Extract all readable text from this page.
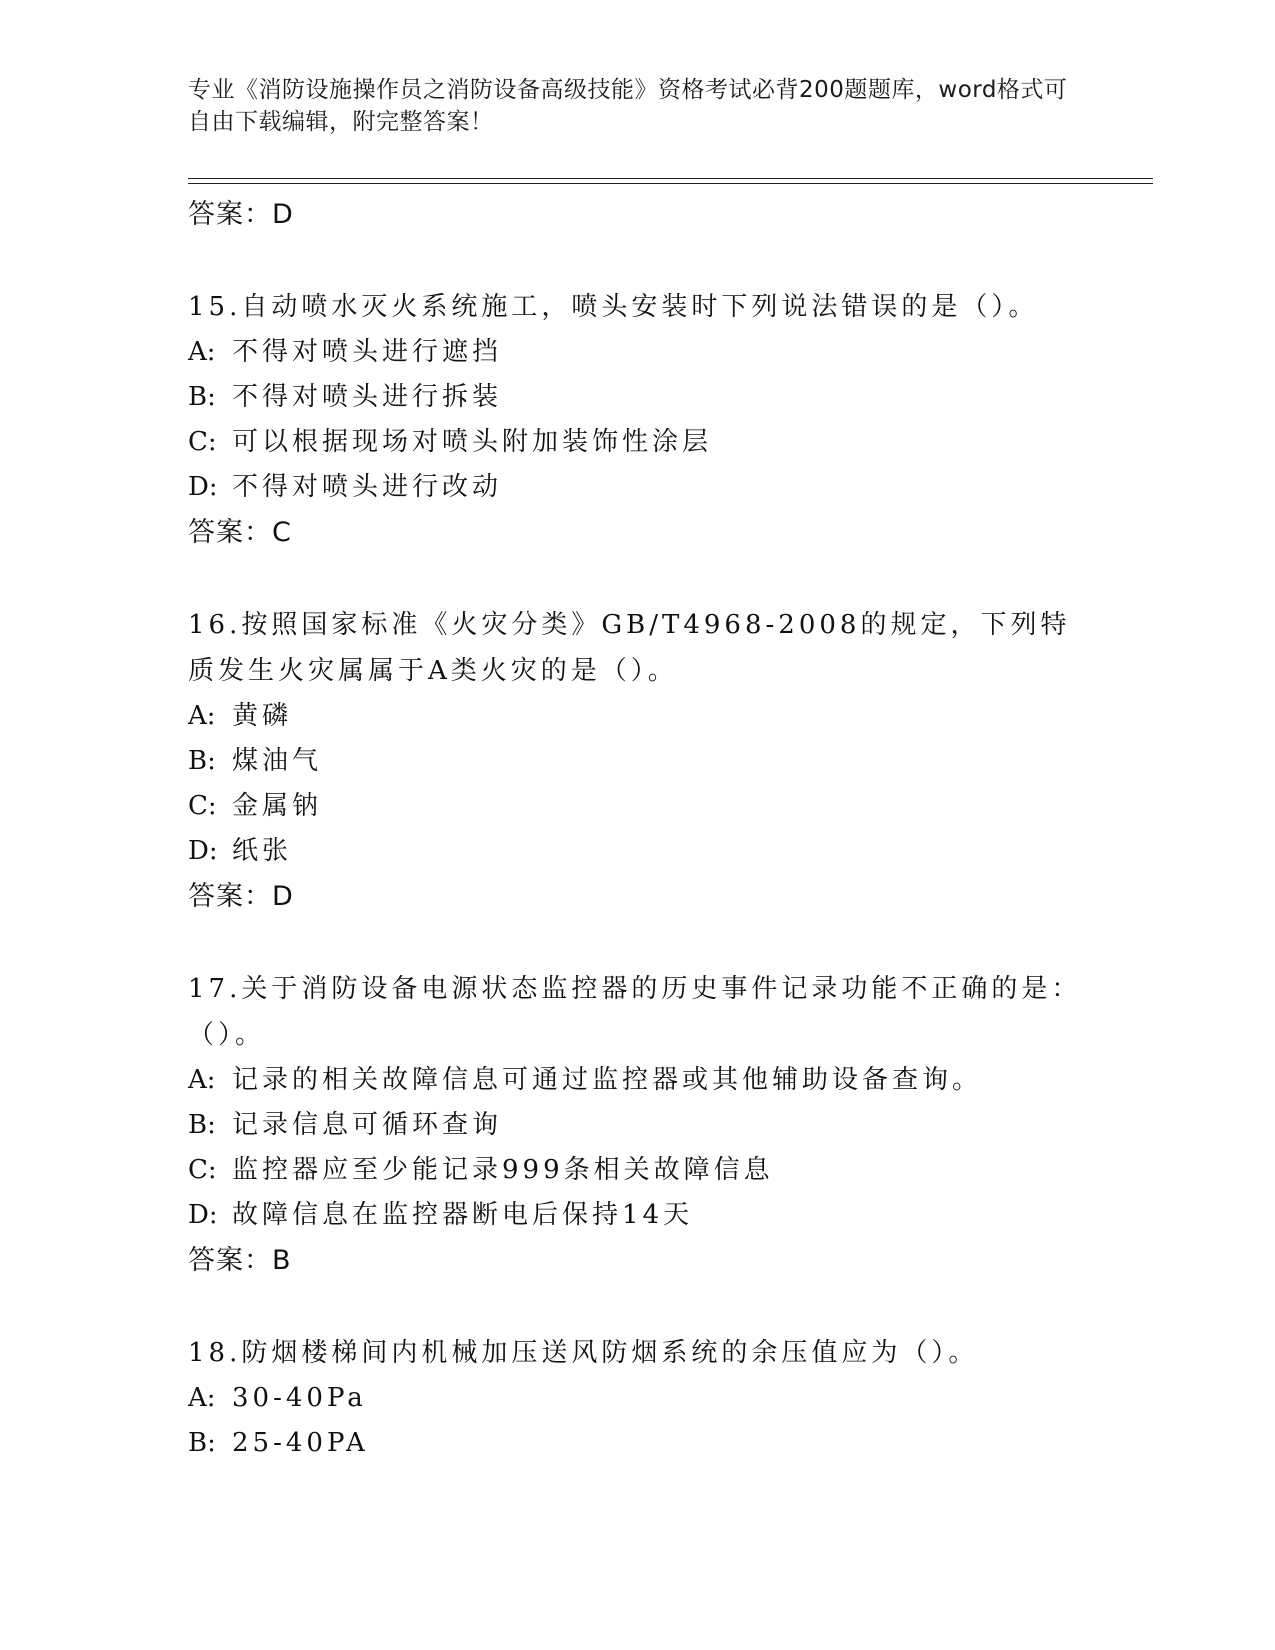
专业《消防设施操作员之消防设备高级技能》资格考试必背200题题库，word格式可自由下载编辑，附完整答案！
答案：D
15.自动喷水灭火系统施工，喷头安装时下列说法错误的是（）。
A: 不得对喷头进行遮挡
B: 不得对喷头进行拆装
C: 可以根据现场对喷头附加装饰性涂层
D: 不得对喷头进行改动
答案：C
16.按照国家标准《火灾分类》GB/T4968-2008的规定，下列特质发生火灾属属于A类火灾的是（）。
A: 黄磷
B: 煤油气
C: 金属钠
D: 纸张
答案：D
17.关于消防设备电源状态监控器的历史事件记录功能不正确的是：（）。
A: 记录的相关故障信息可通过监控器或其他辅助设备查询。
B: 记录信息可循环查询
C: 监控器应至少能记录999条相关故障信息
D: 故障信息在监控器断电后保持14天
答案：B
18.防烟楼梯间内机械加压送风防烟系统的余压值应为（）。
A: 30-40Pa
B: 25-40PA
